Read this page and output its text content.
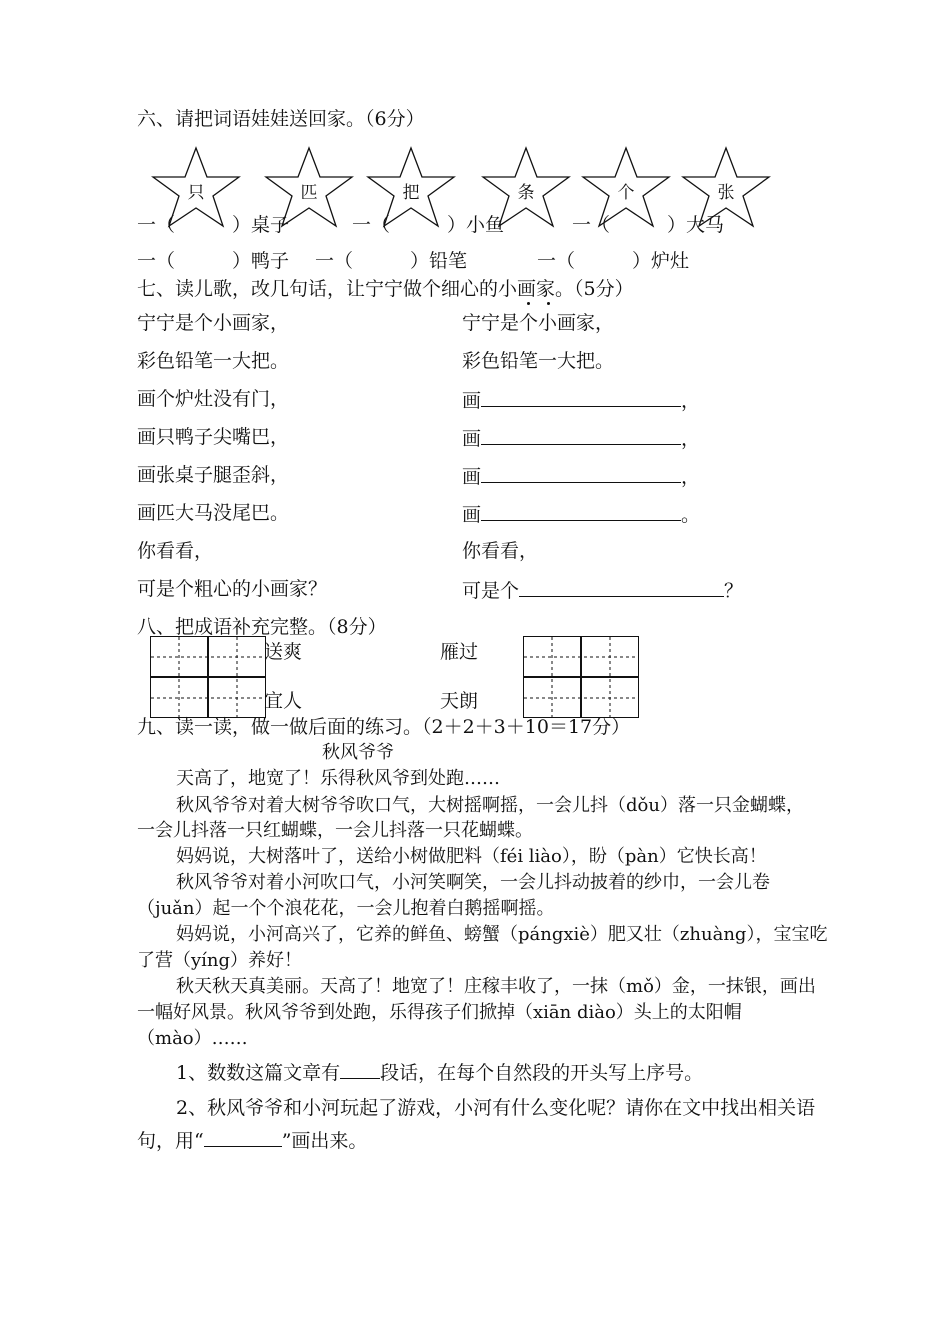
六、请把词语娃娃送回家。（6分）
只	匹	把	条	个	张
一（　　　）桌子	一（　　　）小鱼	一（　　　）大马
一（　　　）鸭子 一（　　　）铅笔	一（　　　）炉灶
七、读儿歌，改几句话，让宁宁做个细心的小画家。（5分）
宁宁是个小画家，
彩色铅笔一大把。
画个炉灶没有门，
画只鸭子尖嘴巴，
画张桌子腿歪斜，
画匹大马没尾巴。
你看看，
可是个粗心的小画家？
宁宁是个小画家，
彩色铅笔一大把。
画	，
画	，
画	，
画	。
你看看，
可是个	？
八、把成语补充完整。（8分）
送爽	雁过
宜人	天朗
九、读一读，做一做后面的练习。（2＋2＋3＋10＝17分）
秋风爷爷
天高了，地宽了！乐得秋风爷到处跑……
秋风爷爷对着大树爷爷吹口气，大树摇啊摇，一会儿抖（dǒu）落一只金蝴蝶，
一会儿抖落一只红蝴蝶，一会儿抖落一只花蝴蝶。
妈妈说，大树落叶了，送给小树做肥料（féi liào），盼（pàn）它快长高！
秋风爷爷对着小河吹口气，小河笑啊笑，一会儿抖动披着的纱巾，一会儿卷
（juǎn）起一个个浪花花，一会儿抱着白鹅摇啊摇。
妈妈说，小河高兴了，它养的鲜鱼、螃蟹（pángxiè）肥又壮（zhuàng），宝宝吃
了营（yíng）养好！
秋天秋天真美丽。天高了！地宽了！庄稼丰收了，一抹（mǒ）金，一抹银，画出
一幅好风景。秋风爷爷到处跑，乐得孩子们掀掉（xiān diào）头上的太阳帽
（mào）……
1、数数这篇文章有 段话，在每个自然段的开头写上序号。
2、秋风爷爷和小河玩起了游戏，小河有什么变化呢？请你在文中找出相关语
句，用“	”画出来。
